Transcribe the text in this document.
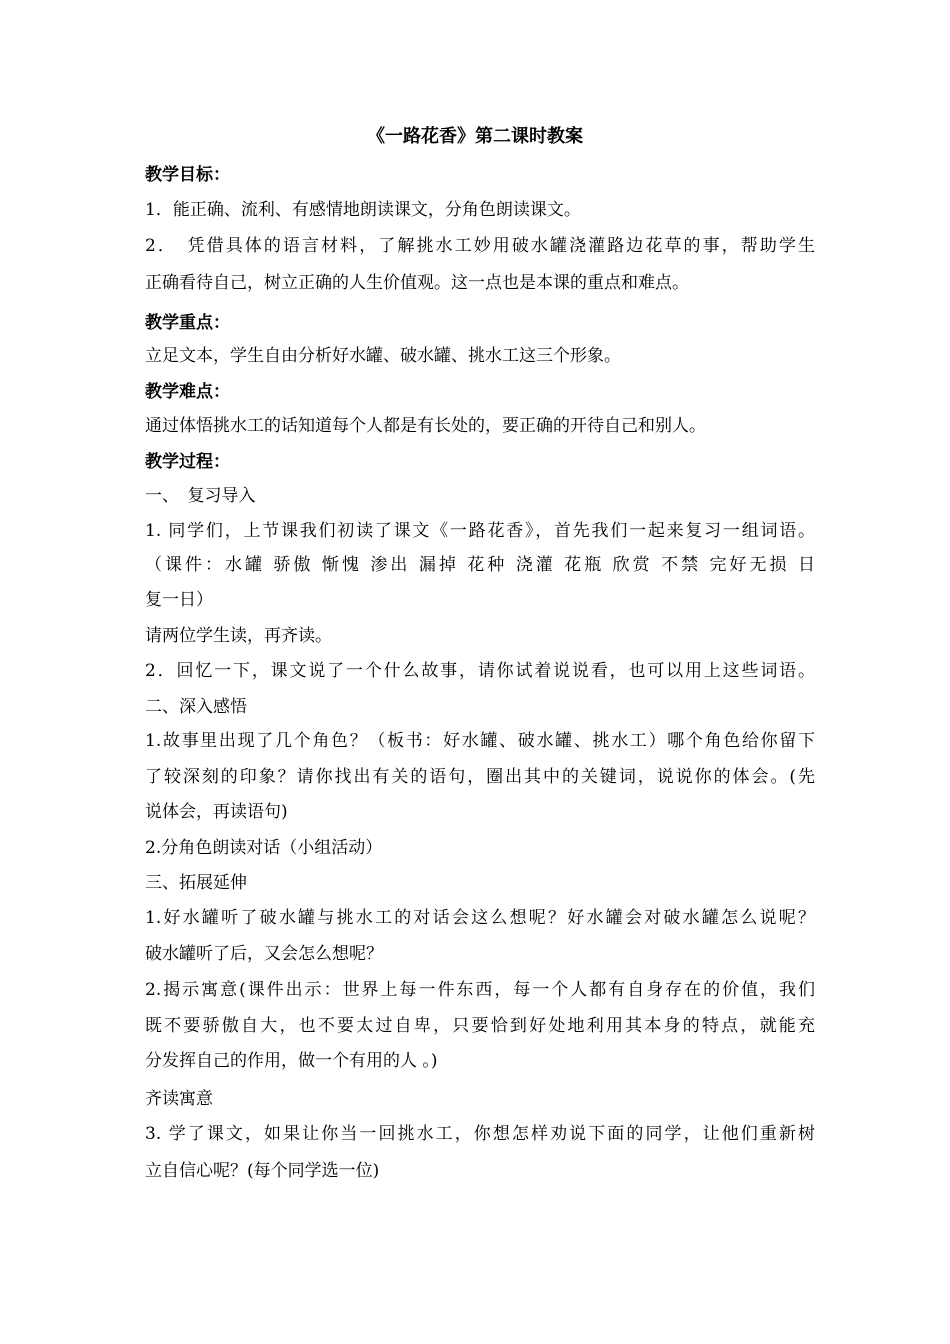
《一路花香》第二课时教案
教学目标：
1．能正确、流利、有感情地朗读课文，分角色朗读课文。
2．　凭借具体的语言材料，了解挑水工妙用破水罐浇灌路边花草的事，帮助学生
正确看待自己，树立正确的人生价值观。这一点也是本课的重点和难点。
教学重点：
立足文本，学生自由分析好水罐、破水罐、挑水工这三个形象。
教学难点：
通过体悟挑水工的话知道每个人都是有长处的，要正确的开待自己和别人。
教学过程：
一、　复习导入
1. 同学们，上节课我们初读了课文《一路花香》，首先我们一起来复习一组词语。
（课件：水罐 骄傲 惭愧 渗出 漏掉 花种 浇灌 花瓶 欣赏 不禁 完好无损 日
复一日）
请两位学生读，再齐读。
2．回忆一下，课文说了一个什么故事，请你试着说说看，也可以用上这些词语。
二、深入感悟
1.故事里出现了几个角色？（板书：好水罐、破水罐、挑水工）哪个角色给你留下
了较深刻的印象？请你找出有关的语句，圈出其中的关键词，说说你的体会。(先
说体会，再读语句)
2.分角色朗读对话（小组活动）
三、拓展延伸
1.好水罐听了破水罐与挑水工的对话会这么想呢？好水罐会对破水罐怎么说呢？
破水罐听了后，又会怎么想呢？
2.揭示寓意(课件出示：世界上每一件东西，每一个人都有自身存在的价值，我们
既不要骄傲自大，也不要太过自卑，只要恰到好处地利用其本身的特点，就能充
分发挥自己的作用，做一个有用的人 。)
齐读寓意
3. 学了课文，如果让你当一回挑水工，你想怎样劝说下面的同学，让他们重新树
立自信心呢？(每个同学选一位)
